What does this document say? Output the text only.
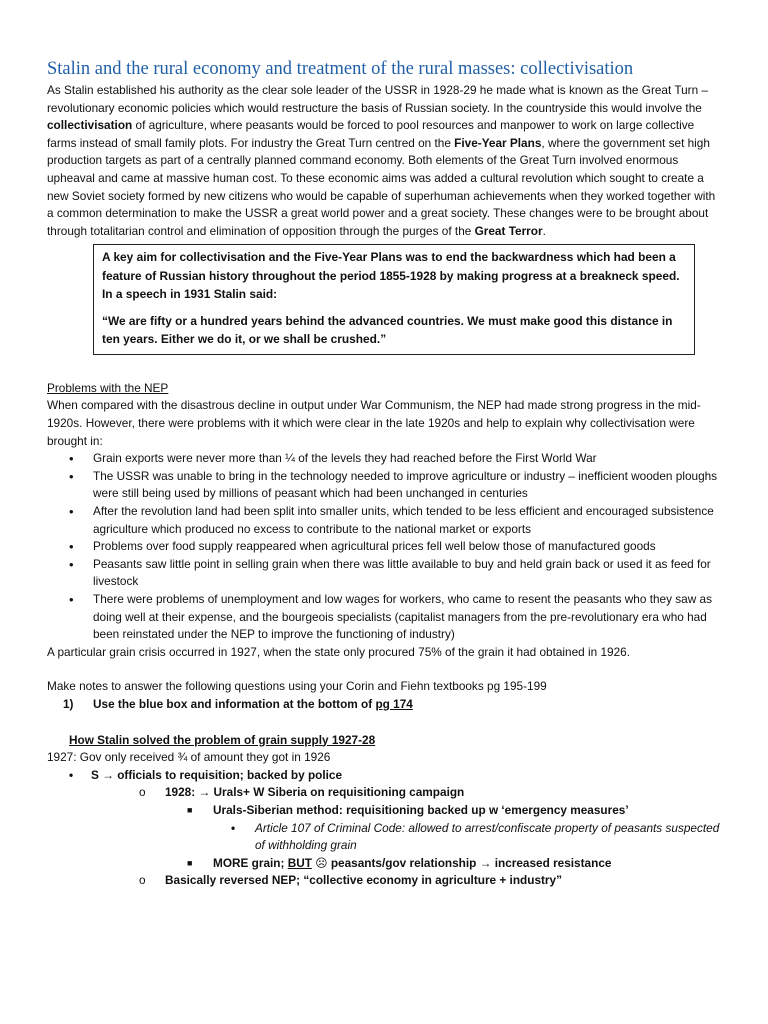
Stalin and the rural economy and treatment of the rural masses: collectivisation

As Stalin established his authority as the clear sole leader of the USSR in 1928-29 he made what is known as the Great Turn – revolutionary economic policies which would restructure the basis of Russian society. In the countryside this would involve the collectivisation of agriculture, where peasants would be forced to pool resources and manpower to work on large collective farms instead of small family plots. For industry the Great Turn centred on the Five-Year Plans, where the government set high production targets as part of a centrally planned command economy. Both elements of the Great Turn involved enormous upheaval and came at massive human cost. To these economic aims was added a cultural revolution which sought to create a new Soviet society formed by new citizens who would be capable of superhuman achievements when they worked together with a common determination to make the USSR a great world power and a great society. These changes were to be brought about through totalitarian control and elimination of opposition through the purges of the Great Terror.

A key aim for collectivisation and the Five-Year Plans was to end the backwardness which had been a feature of Russian history throughout the period 1855-1928 by making progress at a breakneck speed. In a speech in 1931 Stalin said:

“We are fifty or a hundred years behind the advanced countries. We must make good this distance in ten years. Either we do it, or we shall be crushed.”

Problems with the NEP

When compared with the disastrous decline in output under War Communism, the NEP had made strong progress in the mid-1920s. However, there were problems with it which were clear in the late 1920s and help to explain why collectivisation were brought in:

• Grain exports were never more than ¼ of the levels they had reached before the First World War
• The USSR was unable to bring in the technology needed to improve agriculture or industry – inefficient wooden ploughs were still being used by millions of peasant which had been unchanged in centuries
• After the revolution land had been split into smaller units, which tended to be less efficient and encouraged subsistence agriculture which produced no excess to contribute to the national market or exports
• Problems over food supply reappeared when agricultural prices fell well below those of manufactured goods
• Peasants saw little point in selling grain when there was little available to buy and held grain back or used it as feed for livestock
• There were problems of unemployment and low wages for workers, who came to resent the peasants who they saw as doing well at their expense, and the bourgeois specialists (capitalist managers from the pre-revolutionary era who had been reinstated under the NEP to improve the functioning of industry)

A particular grain crisis occurred in 1927, when the state only procured 75% of the grain it had obtained in 1926.

Make notes to answer the following questions using your Corin and Fiehn textbooks pg 195-199

1) Use the blue box and information at the bottom of pg 174

How Stalin solved the problem of grain supply 1927-28

1927: Gov only received ¾ of amount they got in 1926

• S → officials to requisition; backed by police

o 1928: → Urals+ W Siberia on requisitioning campaign

■ Urals-Siberian method: requisitioning backed up w ‘emergency measures’

• Article 107 of Criminal Code: allowed to arrest/confiscate property of peasants suspected of withholding grain

■ MORE grain; BUT ☹ peasants/gov relationship → increased resistance

o Basically reversed NEP; “collective economy in agriculture + industry”
